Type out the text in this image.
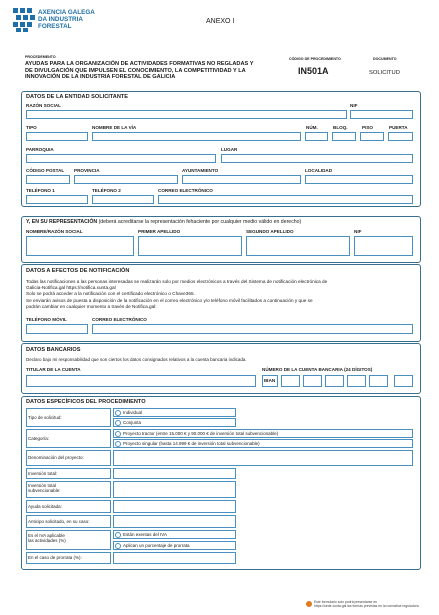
AXENCIA GALEGA
DA INDUSTRIA
FORESTAL
ANEXO I
PROCEDEMENTO
AYUDAS PARA LA ORGANIZACIÓN DE ACTIVIDADES FORMATIVAS NO REGLADAS Y
DE DIVULGACIÓN QUE IMPULSEN EL CONOCIMIENTO, LA COMPETITIVIDAD Y LA
INNOVACIÓN DE LA INDUSTRIA FORESTAL DE GALICIA
CÓDIGO DE PROCEDIMIENTO
IN501A
DOCUMENTO
SOLICITUD
DATOS DE LA ENTIDAD SOLICITANTE
RAZÓN SOCIAL	NIF
TIPO	NOMBRE DE LA VÍA	NÚM.	BLOQ.	PISO	PUERTA
PARROQUIA	LUGAR
CÓDIGO POSTAL PROVINCIA	AYUNTAMIENTO	LOCALIDAD
TELÉFONO 1	TELÉFONO 2	CORREO ELECTRÓNICO
Y, EN SU REPRESENTACIÓN (deberá acreditarse la representación fehaciente por cualquier medio válido en derecho)
NOMBRE/RAZÓN SOCIAL	PRIMER APELLIDO	SEGUNDO APELLIDO	NIF
DATOS A EFECTOS DE NOTIFICACIÓN
Todas las notificaciones a las personas interesadas se realizarán solo por medios electrónicos a través del Sistema de notificación electrónica de
Galicia-Notifica.gal https://notifica.xunta.gal
Solo se podrá acceder a la notificación con el certificado electrónico o Chave365.
Se enviarán avisos de puesta a disposición de la notificación en el correo electrónico y/o teléfono móvil facilitados a continuación y que se
podrán cambiar en cualquier momento a través de Notifica.gal:
TELÉFONO MÓVIL	CORREO ELECTRÓNICO
DATOS BANCARIOS
Declaro bajo mi responsabilidad que son ciertos los datos consignados relativos a la cuenta bancaria indicada.
TITULAR DE LA CUENTA	NÚMERO DE LA CUENTA BANCARIA (24 DÍGITOS)
IBAN
DATOS ESPECÍFICOS DEL PROCEDIMIENTO
Tipo de solicitud:
Individual
Conjunta
Categoría:
Proyecto tractor (entre 15.000 € y 90.000 € de inversión total subvencionable)
Proyecto singular (hasta 14.999 € de inversión total subvencionable)
Denominación del proyecto:
Inversión total:
Inversión total
subvencionable:
Ayuda solicitada:
Anticipo solicitado, en su caso:
Es el IVA aplicable
las actividades (%)
Están exentas del IVA
Aplican un porcentaje de prorrata
En el caso de prorrata (%):
Este formulario solo podrá presentarse en
https://sede.xunta.gal las formas previstas en la normativa reguladora
